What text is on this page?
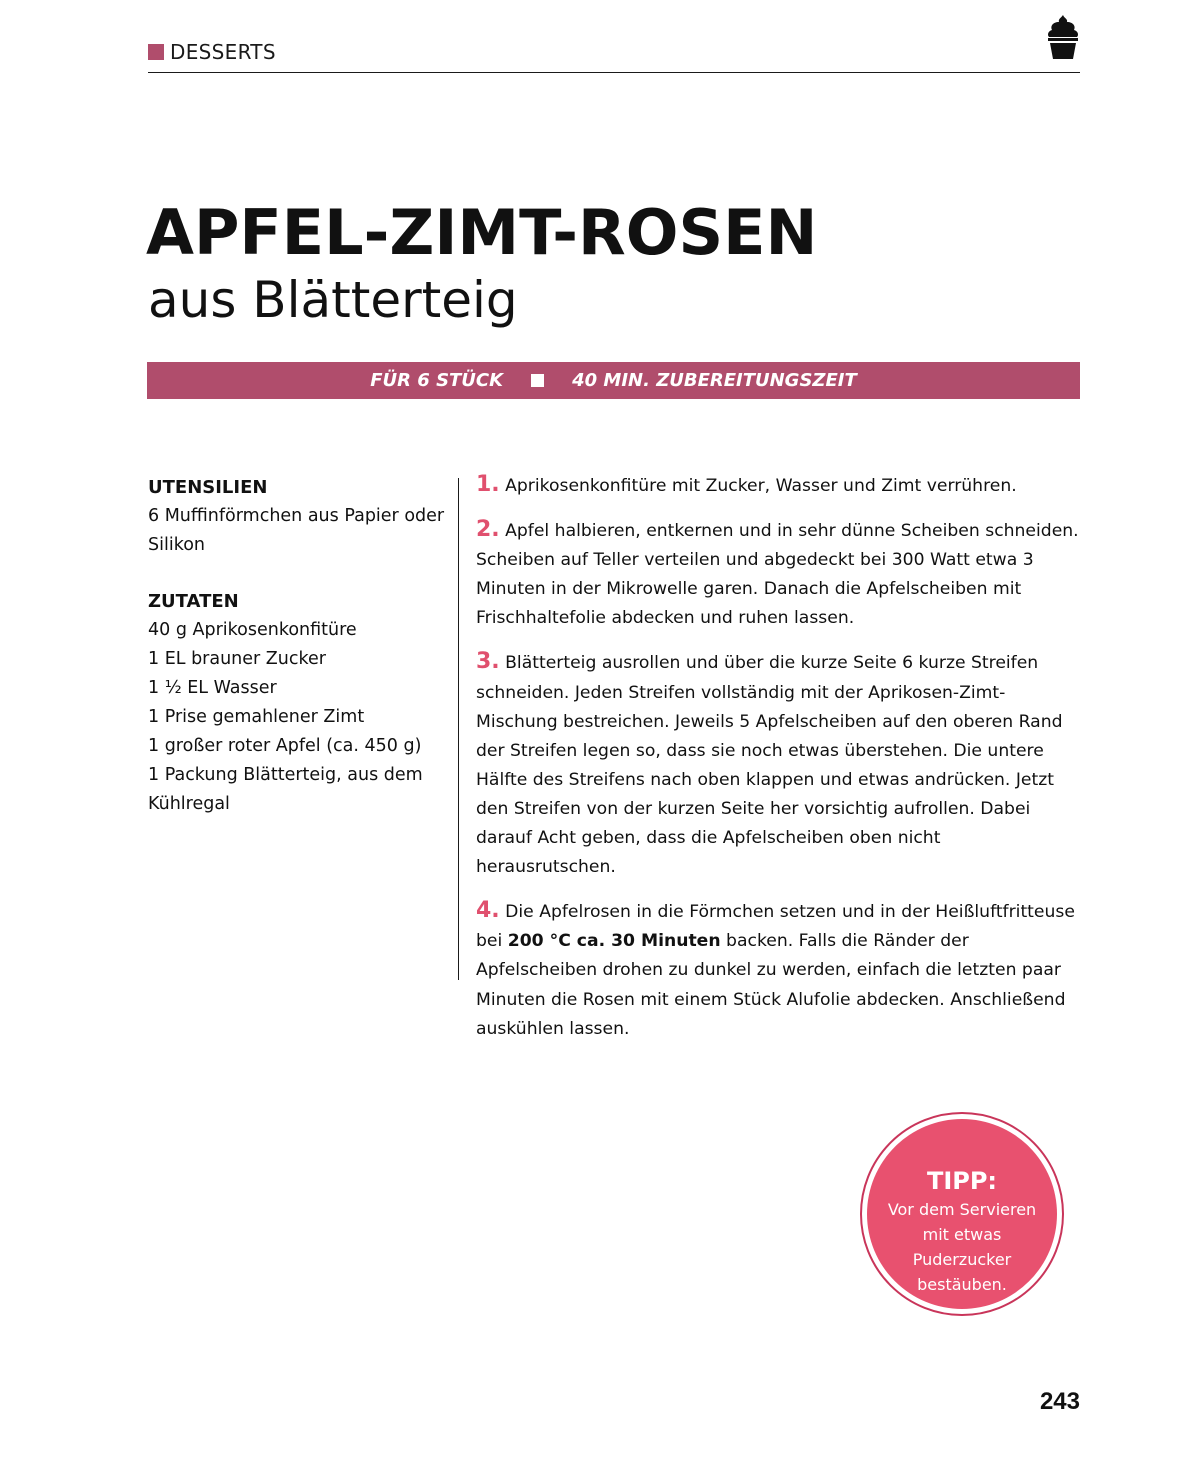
DESSERTS
APFEL-ZIMT-ROSEN
aus Blätterteig
FÜR 6 STÜCK	40 MIN. ZUBEREITUNGSZEIT
UTENSILIEN

6 Muffinförmchen aus Papier oder Silikon

ZUTATEN
40 g Aprikosenkonfitüre
1 EL brauner Zucker
1 ½ EL Wasser
1 Prise gemahlener Zimt
1 großer roter Apfel (ca. 450 g)
1 Packung Blätterteig, aus dem Kühlregal

1. Aprikosenkonfitüre mit Zucker, Wasser und Zimt verrühren.

2. Apfel halbieren, entkernen und in sehr dünne Scheiben schneiden. Scheiben auf Teller verteilen und abgedeckt bei 300 Watt etwa 3 Minuten in der Mikrowelle garen. Danach die Apfelscheiben mit Frischhaltefolie abdecken und ruhen lassen.

3. Blätterteig ausrollen und über die kurze Seite 6 kurze Streifen schneiden. Jeden Streifen vollständig mit der Aprikosen-Zimt-Mischung bestreichen. Jeweils 5 Apfelscheiben auf den oberen Rand der Streifen legen so, dass sie noch etwas überstehen. Die untere Hälfte des Streifens nach oben klappen und etwas andrücken. Jetzt den Streifen von der kurzen Seite her vorsichtig aufrollen. Dabei darauf Acht geben, dass die Apfelscheiben oben nicht herausrutschen.

4. Die Apfelrosen in die Förmchen setzen und in der Heißluftfritteuse bei 200 °C ca. 30 Minuten backen. Falls die Ränder der Apfelscheiben drohen zu dunkel zu werden, einfach die letzten paar Minuten die Rosen mit einem Stück Alufolie abdecken. Anschließend auskühlen lassen.

TIPP:

Vor dem Servieren mit etwas Puderzucker bestäuben.

243
